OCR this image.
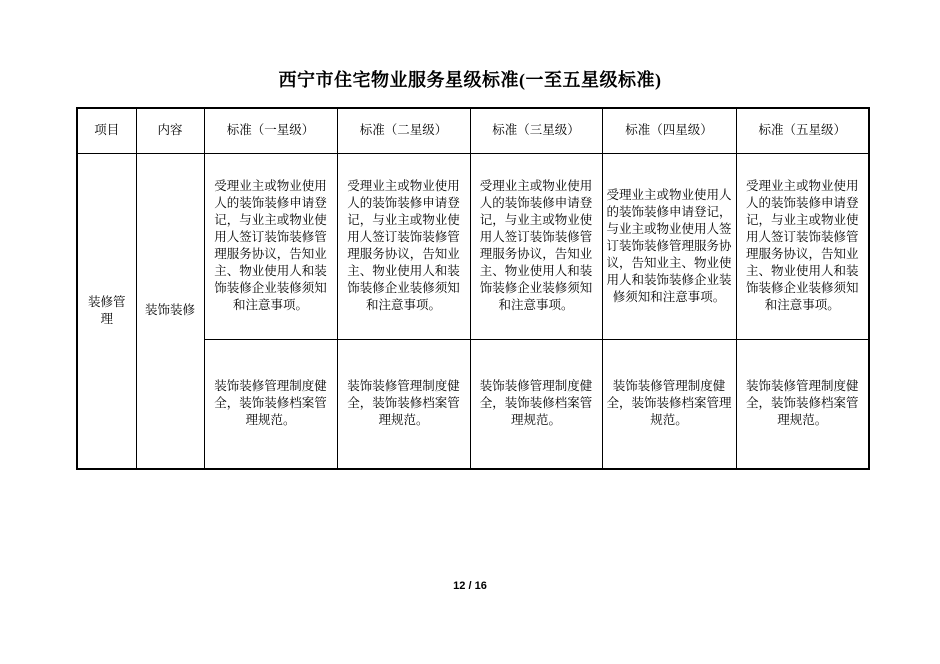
西宁市住宅物业服务星级标准(一至五星级标准)
项目	内容	标准（一星级）	标准（二星级）	标准（三星级）	标准（四星级）	标准（五星级）
装修管理	装饰装修	受理业主或物业使用人的装饰装修申请登记，与业主或物业使用人签订装饰装修管理服务协议，告知业主、物业使用人和装饰装修企业装修须知和注意事项。	受理业主或物业使用人的装饰装修申请登记，与业主或物业使用人签订装饰装修管理服务协议，告知业主、物业使用人和装饰装修企业装修须知和注意事项。	受理业主或物业使用人的装饰装修申请登记，与业主或物业使用人签订装饰装修管理服务协议，告知业主、物业使用人和装饰装修企业装修须知和注意事项。	受理业主或物业使用人的装饰装修申请登记，与业主或物业使用人签订装饰装修管理服务协议，告知业主、物业使用人和装饰装修企业装修须知和注意事项。	受理业主或物业使用人的装饰装修申请登记，与业主或物业使用人签订装饰装修管理服务协议，告知业主、物业使用人和装饰装修企业装修须知和注意事项。
		装饰装修管理制度健全，装饰装修档案管理规范。	装饰装修管理制度健全，装饰装修档案管理规范。	装饰装修管理制度健全，装饰装修档案管理规范。	装饰装修管理制度健全，装饰装修档案管理规范。	装饰装修管理制度健全，装饰装修档案管理规范。
12 / 16
